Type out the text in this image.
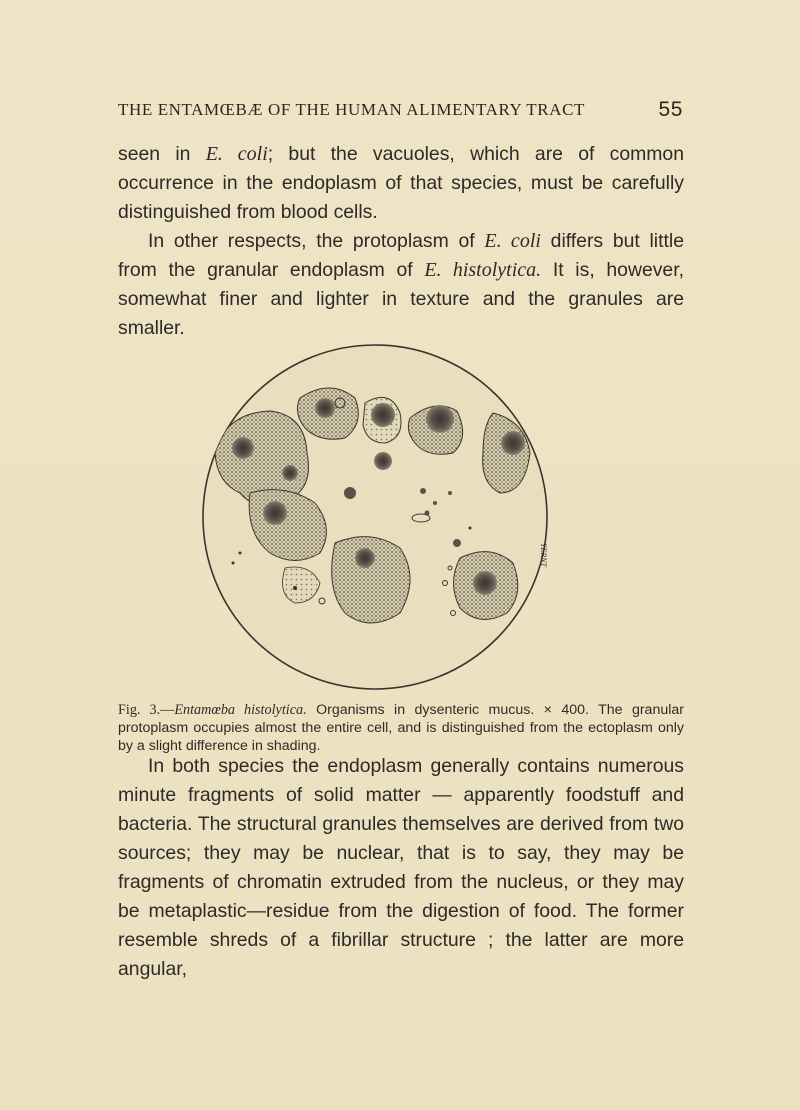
THE ENTAMŒBÆ OF THE HUMAN ALIMENTARY TRACT	55

seen in E. coli; but the vacuoles, which are of common occurrence in the endoplasm of that species, must be carefully distinguished from blood cells.

In other respects, the protoplasm of E. coli differs but little from the granular endoplasm of E. histolytica. It is, however, somewhat finer and lighter in texture and the granules are smaller.

YERNT
Fig. 3.—Entamœba histolytica. Organisms in dysenteric mucus. × 400. The granular protoplasm occupies almost the entire cell, and is distinguished from the ectoplasm only by a slight difference in shading.

In both species the endoplasm generally contains numerous minute fragments of solid matter — apparently foodstuff and bacteria. The structural granules themselves are derived from two sources; they may be nuclear, that is to say, they may be fragments of chromatin extruded from the nucleus, or they may be metaplastic—residue from the digestion of food. The former resemble shreds of a fibrillar structure ; the latter are more angular,
